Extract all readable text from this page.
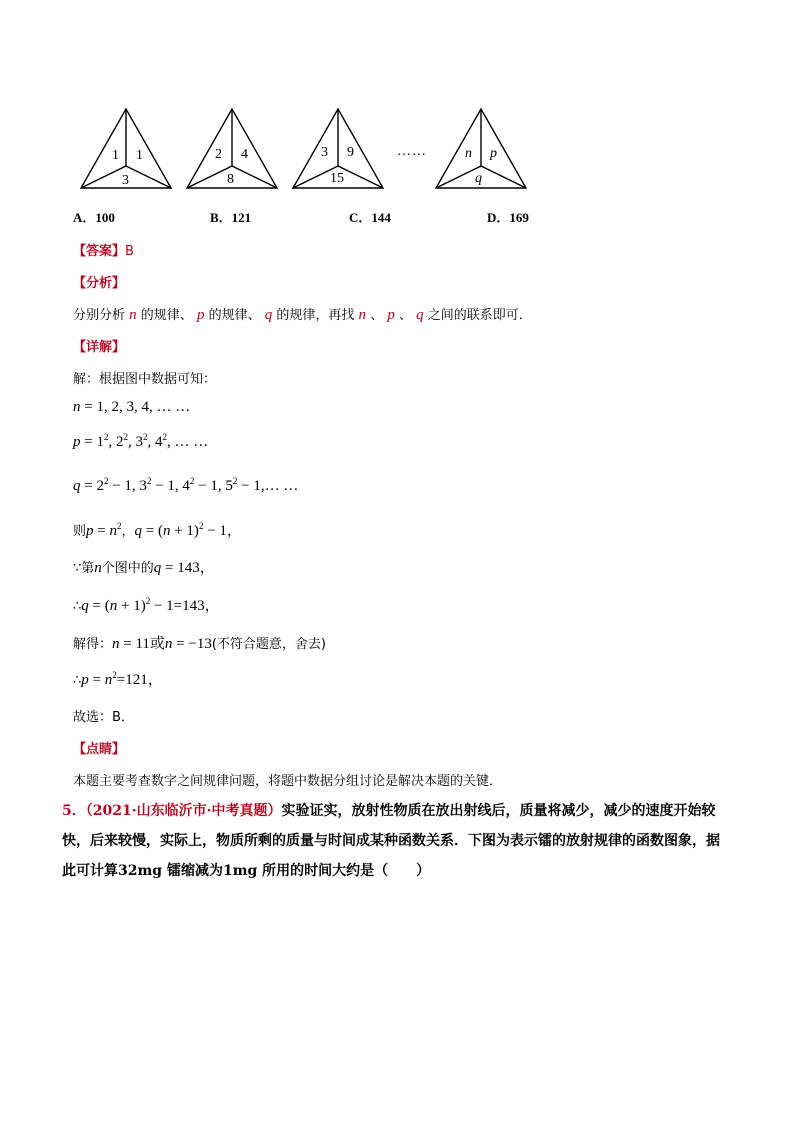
1 1
3
2 4
8
3 9
15
……	n p
q
A．100	B．121	C．144	D．169
【答案】B
【分析】
分别分析 n 的规律、 p 的规律、 q 的规律，再找 n 、 p 、 q 之间的联系即可．
【详解】
解：根据图中数据可知：
n = 1, 2, 3, 4, … …
$p = 1^2$, $2^2$, $3^2$, $4^2$, … …
$q = 2^2 - 1$, $3^2 - 1$, $4^2 - 1$, $5^2$ − 1,… …
则$p = n^2$，$q = (n + 1)^2 - 1$，
∵第n个图中的q = 143，
∴q = $(n + 1)^2 - 1=143$，
解得：n = 11或n = −13(不符合题意，舍去)
∴p = $n^2=121$，
故选：B．
【点睛】
本题主要考查数字之间规律问题，将题中数据分组讨论是解决本题的关键．
5．（2021·山东临沂市·中考真题）实验证实，放射性物质在放出射线后，质量将减少，减少的速度开始较快，后来较慢，实际上，物质所剩的质量与时间成某种函数关系．下图为表示镭的放射规律的函数图象，据此可计算32mg 镭缩减为1mg 所用的时间大约是（　　）
